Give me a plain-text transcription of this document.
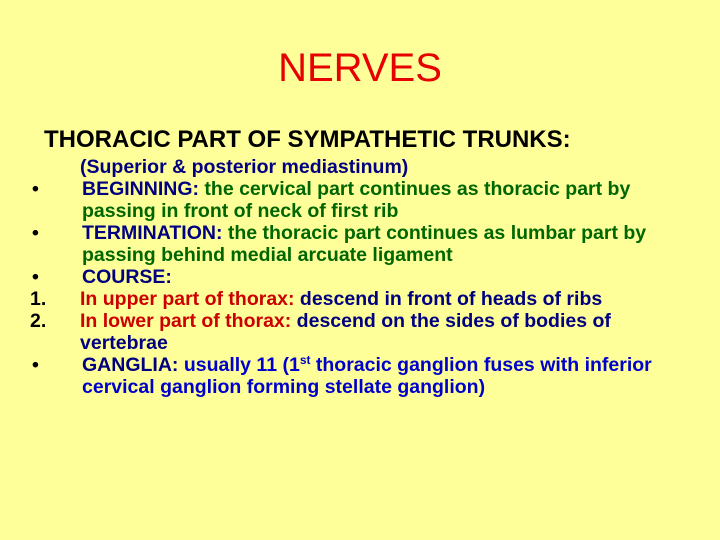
NERVES
THORACIC PART OF SYMPATHETIC TRUNKS:
(Superior & posterior mediastinum)
•	BEGINNING: the cervical part continues as thoracic part by passing in front of neck of first rib
•	TERMINATION: the thoracic part continues as lumbar part by passing behind medial arcuate ligament
•	COURSE:
1.	In upper part of thorax: descend in front of heads of ribs
2.	In lower part of thorax: descend on the sides of bodies of vertebrae
•	GANGLIA: usually 11 (1st thoracic ganglion fuses with inferior cervical ganglion forming stellate ganglion)
